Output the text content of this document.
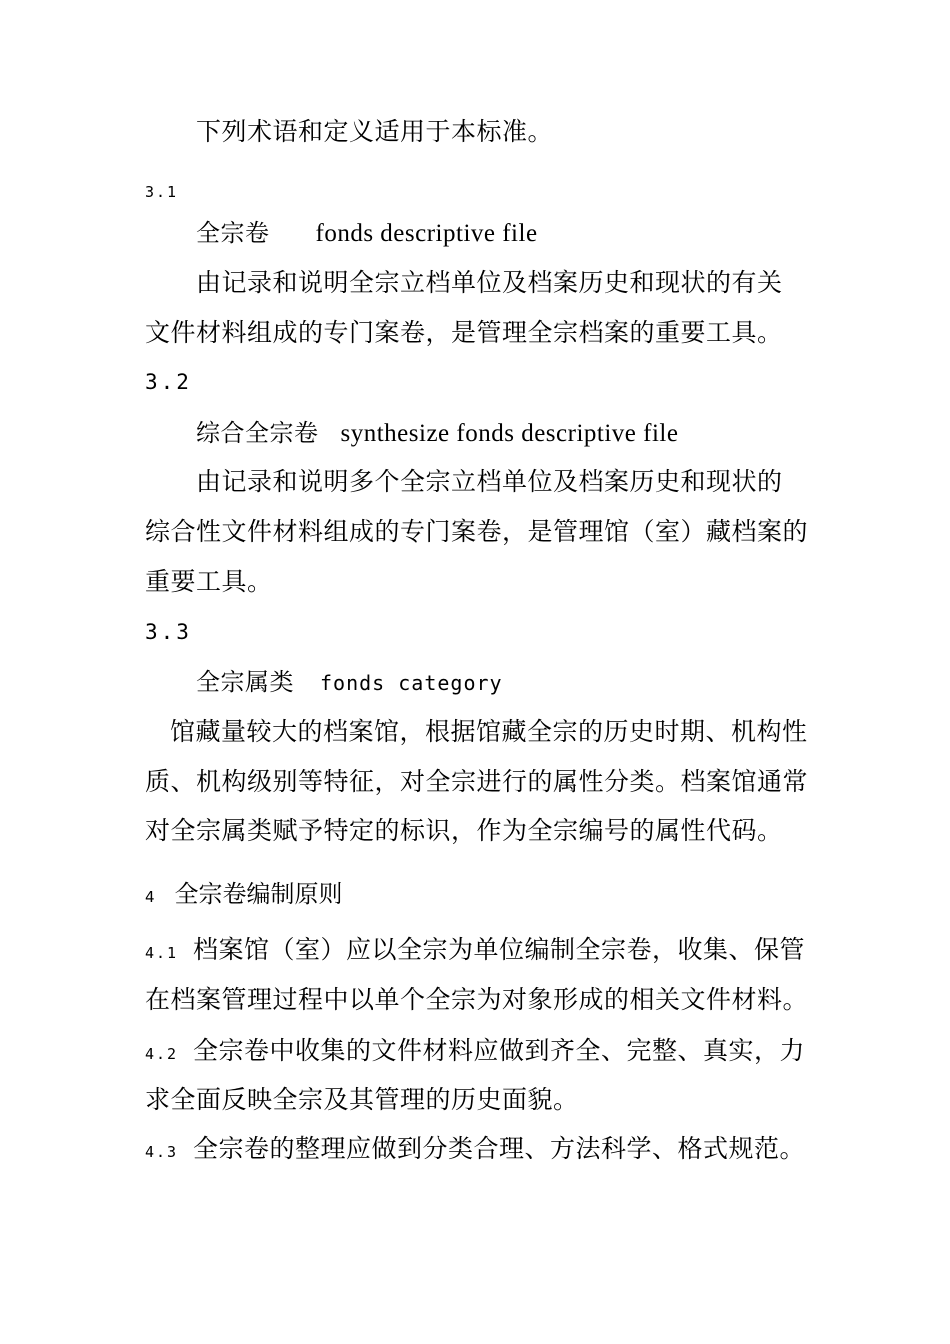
下列术语和定义适用于本标准。
3.1
全宗卷 fonds descriptive file
由记录和说明全宗立档单位及档案历史和现状的有关
文件材料组成的专门案卷，是管理全宗档案的重要工具。
3.2
综合全宗卷 synthesize fonds descriptive file
由记录和说明多个全宗立档单位及档案历史和现状的
综合性文件材料组成的专门案卷，是管理馆（室）藏档案的
重要工具。
3.3
全宗属类 fonds category
馆藏量较大的档案馆，根据馆藏全宗的历史时期、机构性
质、机构级别等特征，对全宗进行的属性分类。档案馆通常
对全宗属类赋予特定的标识，作为全宗编号的属性代码。
4 全宗卷编制原则
4.1 档案馆（室）应以全宗为单位编制全宗卷，收集、保管
在档案管理过程中以单个全宗为对象形成的相关文件材料。
4.2 全宗卷中收集的文件材料应做到齐全、完整、真实，力
求全面反映全宗及其管理的历史面貌。
4.3 全宗卷的整理应做到分类合理、方法科学、格式规范。
